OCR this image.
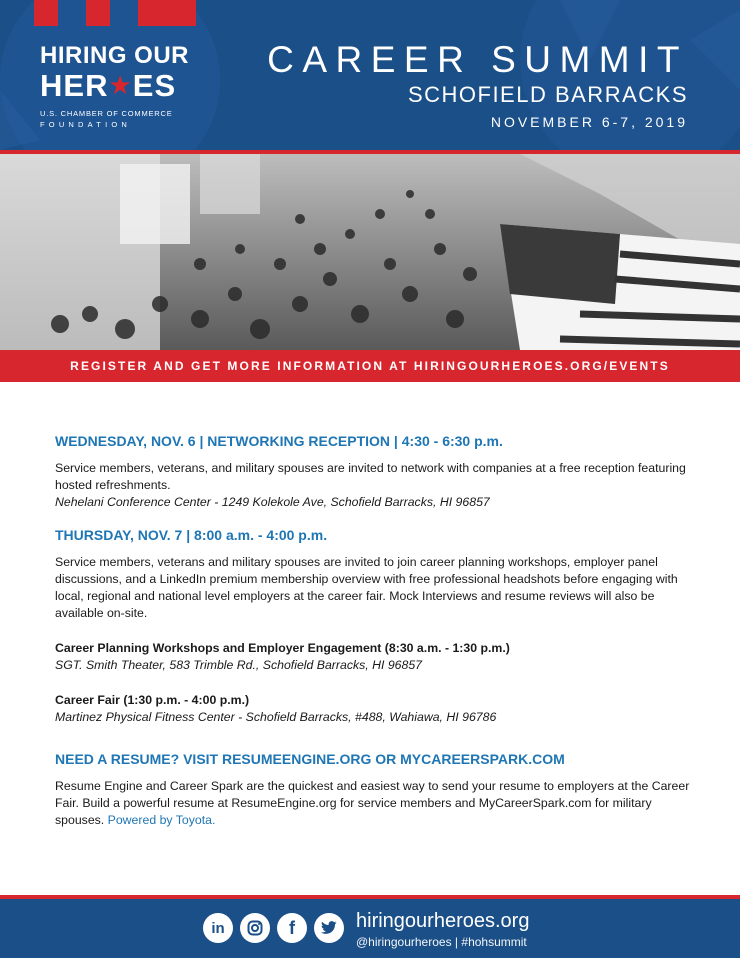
HIRING OUR
HER★ES
U.S. CHAMBER OF COMMERCE
FOUNDATION
CAREER SUMMIT
SCHOFIELD BARRACKS
NOVEMBER 6-7, 2019
REGISTER AND GET MORE INFORMATION AT HIRINGOURHEROES.ORG/EVENTS
WEDNESDAY, NOV. 6 | NETWORKING RECEPTION | 4:30 - 6:30 p.m.
Service members, veterans, and military spouses are invited to network with companies at a free reception featuring hosted refreshments.
Nehelani Conference Center - 1249 Kolekole Ave, Schofield Barracks, HI 96857
THURSDAY, NOV. 7 | 8:00 a.m. - 4:00 p.m.
Service members, veterans and military spouses are invited to join career planning workshops, employer panel discussions, and a LinkedIn premium membership overview with free professional headshots before engaging with local, regional and national level employers at the career fair. Mock Interviews and resume reviews will also be available on-site.
Career Planning Workshops and Employer Engagement (8:30 a.m. - 1:30 p.m.)
SGT. Smith Theater, 583 Trimble Rd., Schofield Barracks, HI 96857
Career Fair (1:30 p.m. - 4:00 p.m.)
Martinez Physical Fitness Center - Schofield Barracks, #488, Wahiawa, HI 96786
NEED A RESUME? VISIT RESUMEENGINE.ORG OR MYCAREERSPARK.COM
Resume Engine and Career Spark are the quickest and easiest way to send your resume to employers at the Career Fair. Build a powerful resume at ResumeEngine.org for service members and MyCareerSpark.com for military spouses. Powered by Toyota.
in	f	hiringourheroes.org
@hiringourheroes | #hohsummit
